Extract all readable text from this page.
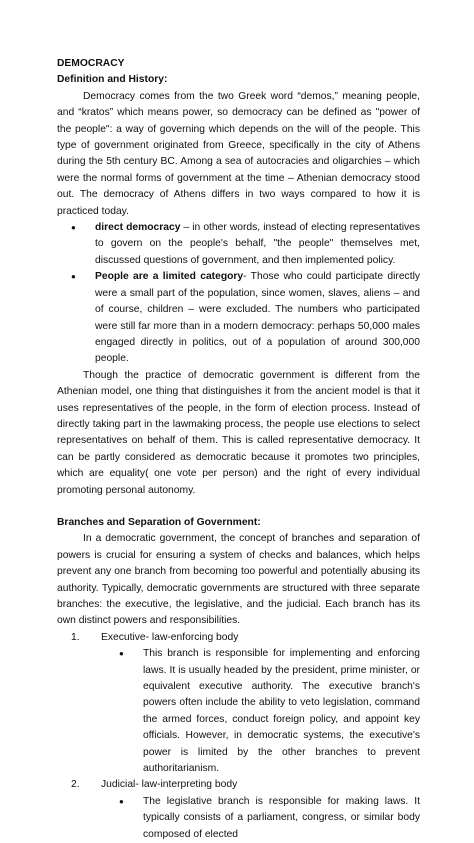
DEMOCRACY

Definition and History:

Democracy comes from the two Greek word “demos,” meaning people, and “kratos” which means power, so democracy can be defined as "power of the people": a way of governing which depends on the will of the people. This type of government originated from Greece, specifically in the city of Athens during the 5th century BC. Among a sea of autocracies and oligarchies – which were the normal forms of government at the time – Athenian democracy stood out. The democracy of Athens differs in two ways compared to how it is practiced today.

● direct democracy – in other words, instead of electing representatives to govern on the people's behalf, "the people" themselves met, discussed questions of government, and then implemented policy.
● People are a limited category- Those who could participate directly were a small part of the population, since women, slaves, aliens – and of course, children – were excluded. The numbers who participated were still far more than in a modern democracy: perhaps 50,000 males engaged directly in politics, out of a population of around 300,000 people.

Though the practice of democratic government is different from the Athenian model, one thing that distinguishes it from the ancient model is that it uses representatives of the people, in the form of election process. Instead of directly taking part in the lawmaking process, the people use elections to select representatives on behalf of them. This is called representative democracy. It can be partly considered as democratic because it promotes two principles, which are equality( one vote per person) and the right of every individual promoting personal autonomy.

Branches and Separation of Government:

In a democratic government, the concept of branches and separation of powers is crucial for ensuring a system of checks and balances, which helps prevent any one branch from becoming too powerful and potentially abusing its authority. Typically, democratic governments are structured with three separate branches: the executive, the legislative, and the judicial. Each branch has its own distinct powers and responsibilities.

1. Executive- law-enforcing body
● This branch is responsible for implementing and enforcing laws. It is usually headed by the president, prime minister, or equivalent executive authority. The executive branch's powers often include the ability to veto legislation, command the armed forces, conduct foreign policy, and appoint key officials. However, in democratic systems, the executive's power is limited by the other branches to prevent authoritarianism.
2. Judicial- law-interpreting body
● The legislative branch is responsible for making laws. It typically consists of a parliament, congress, or similar body composed of elected
